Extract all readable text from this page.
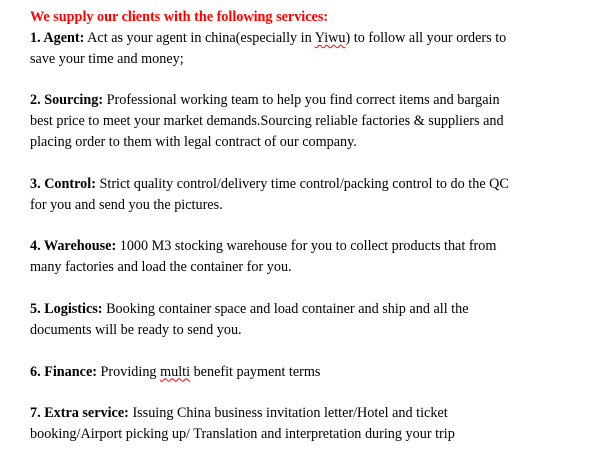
We supply our clients with the following services:
1. Agent: Act as your agent in china(especially in Yiwu) to follow all your orders to
save your time and money;
2. Sourcing: Professional working team to help you find correct items and bargain
best price to meet your market demands.Sourcing reliable factories & suppliers and
placing order to them with legal contract of our company.
3. Control: Strict quality control/delivery time control/packing control to do the QC
for you and send you the pictures.
4. Warehouse: 1000 M3 stocking warehouse for you to collect products that from
many factories and load the container for you.
5. Logistics: Booking container space and load container and ship and all the
documents will be ready to send you.
6. Finance: Providing multi benefit payment terms
7. Extra service: Issuing China business invitation letter/Hotel and ticket
booking/Airport picking up/ Translation and interpretation during your trip
